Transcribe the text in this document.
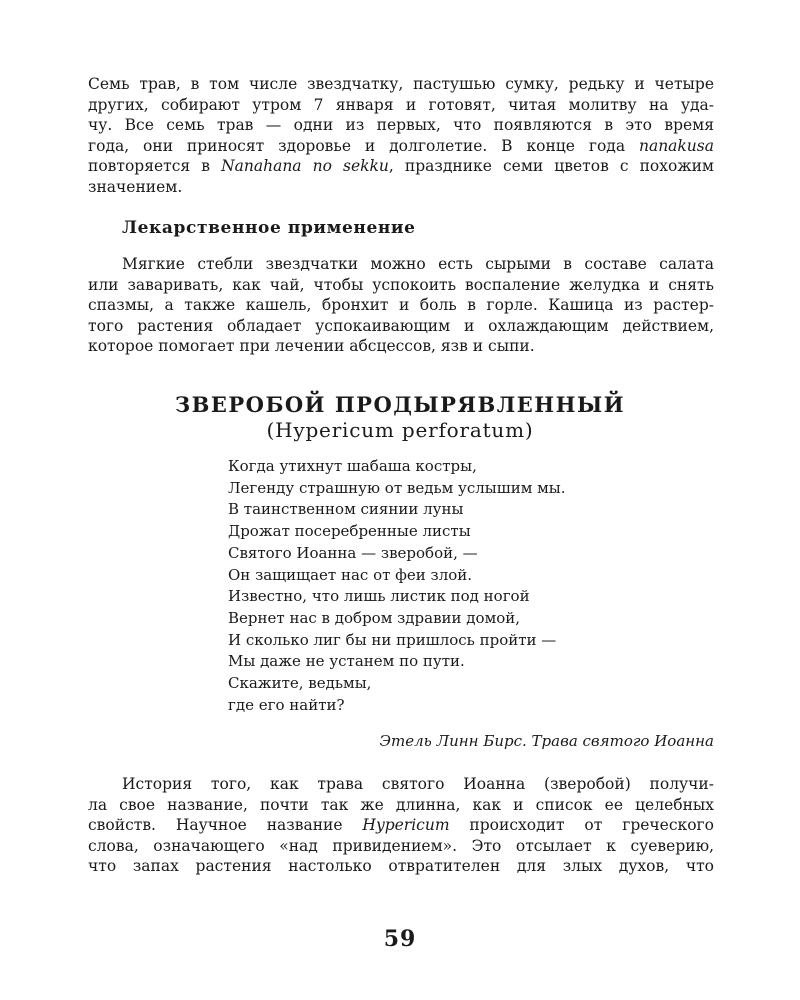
Семь трав, в том числе звездчатку, пастушью сумку, редьку и четыре
других, собирают утром 7 января и готовят, читая молитву на уда-
чу. Все семь трав — одни из первых, что появляются в это время
года, они приносят здоровье и долголетие. В конце года nanakusa
повторяется в Nanahana no sekku, празднике семи цветов с похожим
значением.

Лекарственное применение

Мягкие стебли звездчатки можно есть сырыми в составе салата
или заваривать, как чай, чтобы успокоить воспаление желудка и снять
спазмы, а также кашель, бронхит и боль в горле. Кашица из растер-
того растения обладает успокаивающим и охлаждающим действием,
которое помогает при лечении абсцессов, язв и сыпи.

ЗВЕРОБОЙ ПРОДЫРЯВЛЕННЫЙ

(Hypericum perforatum)

Когда утихнут шабаша костры,
Легенду страшную от ведьм услышим мы.
В таинственном сиянии луны
Дрожат посеребренные листы
Святого Иоанна — зверобой, —
Он защищает нас от феи злой.
Известно, что лишь листик под ногой
Вернет нас в добром здравии домой,
И сколько лиг бы ни пришлось пройти —
Мы даже не устанем по пути.
Скажите, ведьмы,
где его найти?

Этель Линн Бирс. Трава святого Иоанна

История того, как трава святого Иоанна (зверобой) получи-
ла свое название, почти так же длинна, как и список ее целебных
свойств. Научное название Hypericum происходит от греческого
слова, означающего «над привидением». Это отсылает к суеверию,
что запах растения настолько отвратителен для злых духов, что

59
